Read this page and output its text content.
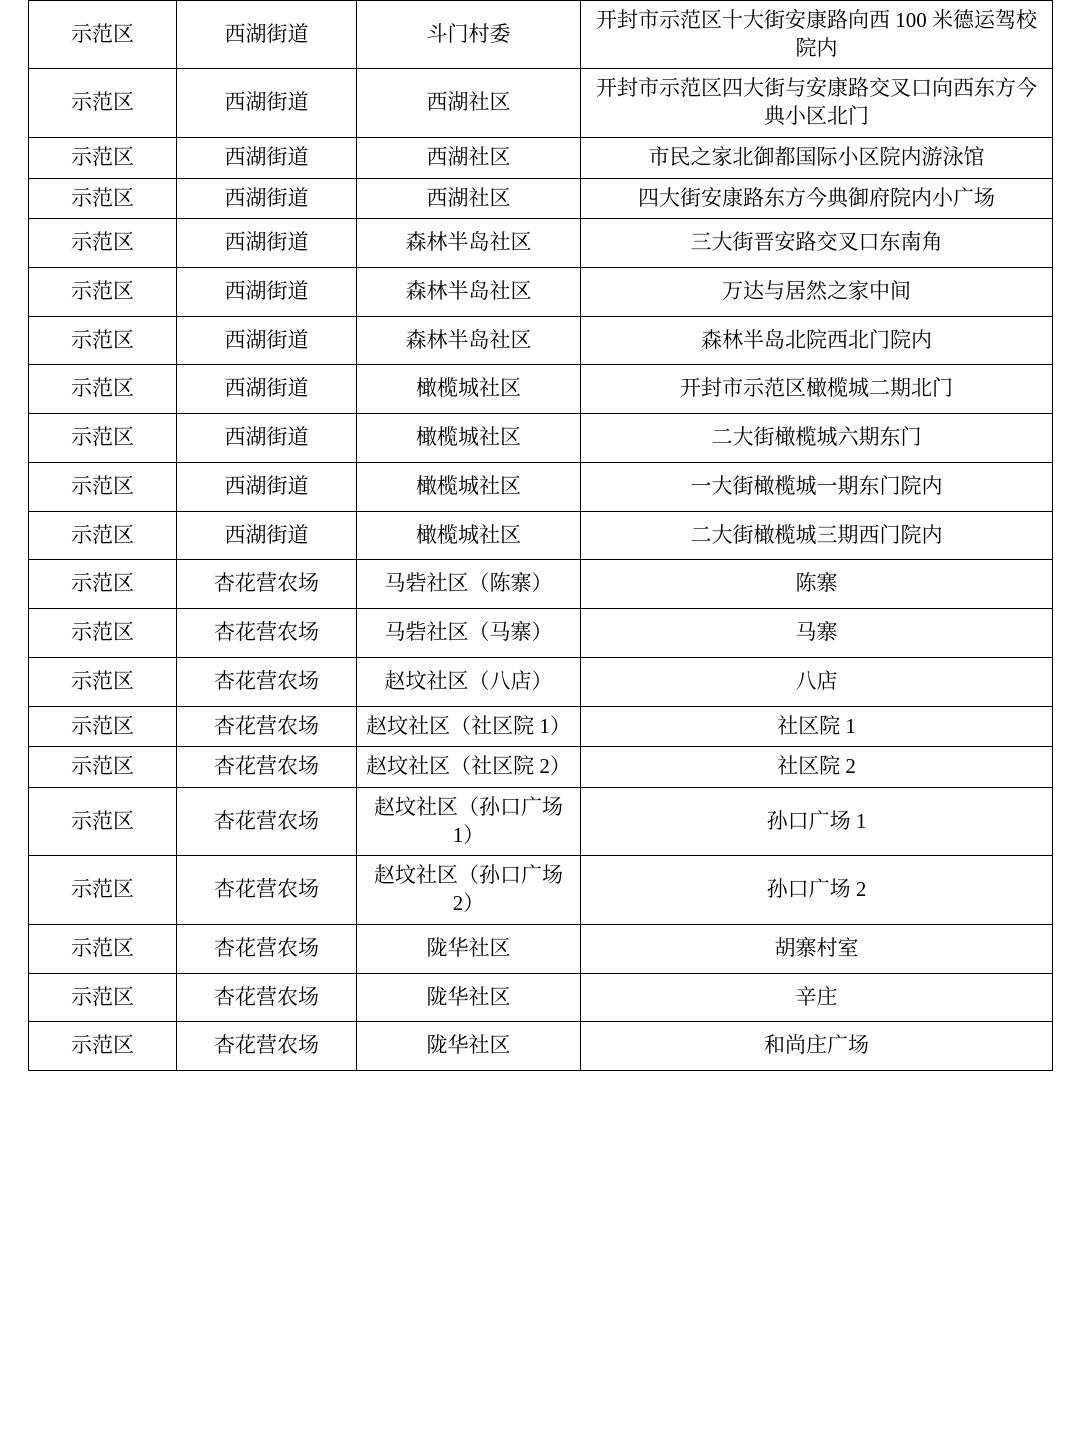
示范区	西湖街道	斗门村委	开封市示范区十大街安康路向西 100 米德运驾校院内
示范区	西湖街道	西湖社区	开封市示范区四大街与安康路交叉口向西东方今典小区北门
示范区	西湖街道	西湖社区	市民之家北御都国际小区院内游泳馆
示范区	西湖街道	西湖社区	四大街安康路东方今典御府院内小广场
示范区	西湖街道	森林半岛社区	三大街晋安路交叉口东南角
示范区	西湖街道	森林半岛社区	万达与居然之家中间
示范区	西湖街道	森林半岛社区	森林半岛北院西北门院内
示范区	西湖街道	橄榄城社区	开封市示范区橄榄城二期北门
示范区	西湖街道	橄榄城社区	二大街橄榄城六期东门
示范区	西湖街道	橄榄城社区	一大街橄榄城一期东门院内
示范区	西湖街道	橄榄城社区	二大街橄榄城三期西门院内
示范区	杏花营农场	马砦社区（陈寨）	陈寨
示范区	杏花营农场	马砦社区（马寨）	马寨
示范区	杏花营农场	赵坟社区（八店）	八店
示范区	杏花营农场	赵坟社区（社区院 1）	社区院 1
示范区	杏花营农场	赵坟社区（社区院 2）	社区院 2
示范区	杏花营农场	赵坟社区（孙口广场 1）	孙口广场 1
示范区	杏花营农场	赵坟社区（孙口广场 2）	孙口广场 2
示范区	杏花营农场	陇华社区	胡寨村室
示范区	杏花营农场	陇华社区	辛庄
示范区	杏花营农场	陇华社区	和尚庄广场
